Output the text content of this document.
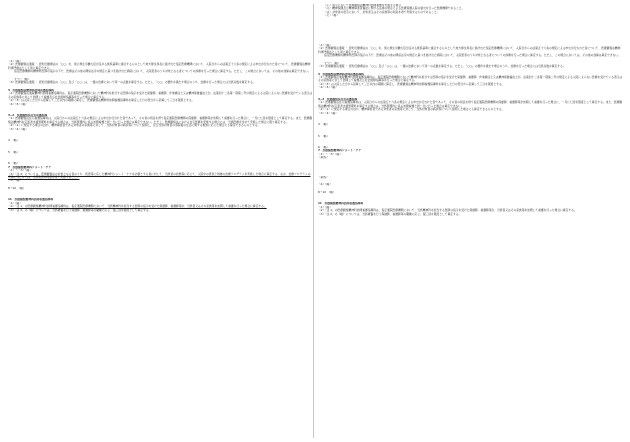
（1）（略）
（2）医療観察法通報 ・ 認知行動療法の「○○」を、別に厚生労働大臣が定める施設基準に適合するものとして地方厚生局長に届け出た指定医療機関において、入院日からの法第五十六条の規定による申出が行われた者について、医療観察法精神科専門療法として別に算定できる。
指定医療機関の精神科医師の指示の下で、医療法その他の関係法令の規定に基づき届け出た病院において、入院患者のうち対象となる者についての診療を行った場合に算定する。ただし、この場合においては、その他の加算は算定できない。
ずつ〜（略）
（3）医療観察法通報 ・ 認知行動療法の「○○」及び「○○」は、一週の治療において同一の点数を算定する。ただし、「○○」の要件を満たす場合のうち、治療を行った場合には当該点数を算定する。
3　医療観察法精神科訪問看護指導料
（1）医療観察法通報精神科訪問看護指導料は、指定通院医療機関において精神科を担当する医師の指示を受けた保健師、看護師、作業療法士又は精神保健福祉士が、法第四十二条第一項第二号の規定による入院によらない医療を受けている者又はその家族等に対して訪問して看護及び社会復帰指導等を行った場合に算定する。
（2）（3）は入院した日から起算して三日以内の期間に算定し、医療観察法精神科訪問看護指導料を算定した日の翌日から起算して三日を限度とする。
（4）（5）（略）
3−2　医療観察法在宅看護指導
（1）医療観察法在宅看護指導料は、入院日からの法第五十六条の規定による申出が行われた者であって、その者の同意を得て指定通院医療機関の保健師、看護師等が訪問して看護を行った場合に、一月に七回を限度として算定する。また、医療観察法精神科在宅患者支援管理料を算定する場合は、当該管理料に係る訪問看護と同一日に行った場合は算定できない。ただし、医療観察法における在宅医療を実施する場合には、当該医療を含めて実施した場合に限り算定する。
（2）（1）に規定する場合のほか、精神障害者である対象者の家族等に対して、当該対象者の病状等について説明し、及び当該対象者の退院後の生活に関する相談に応じた場合にも算定できるものとする。
（3）（4）（略）
4　（略）
5　（略）
6　（略）
7　医療観察精神科ショート・ケア
（1）〜（3）（略）
（4）「注 4」については、医療観察法の対象となる者のうち、疾患等に応じた精神科ショート・ケアを必要とする者に対して、当該者の状態等に応じて、入院中の患者と同様の治療プログラムを実施した場合に算定する。なお、治療プログラムの実施に当たっては、当該患者の同意を得て実施すること。
（5）（略）
8〜10　（略）
11　医療観察精神科訪問看護指導料
（1）（略）
（2）「注 1」の医療観察精神科訪問看護指導料は、指定通院医療機関において、当該精神科を担当する医師の指示を受けた保健師、看護師等が、当該者又はその家族等を訪問して看護を行った場合に算定する。
（3）「注 2」の（略）については、当該療養を行う保健師、看護師等の職種に応じ、週三回を限度として算定する。
（い）居宅において医療観察法精神科訪問看護を実施する場合
（ろ）精神保健及び精神障害者福祉に関する法律の規定による医療保護入院の届出を行った医療機関であること。
（は）対象者の居宅において、対象者又はその家族等の同意を得て実施するものであること。
（に）（略）
（1）（略）
（2）医療観察法通報 ・ 認知行動療法の「○○」を、別に厚生労働大臣が定める施設基準に適合するものとして地方厚生局長に届け出た指定医療機関において、入院日からの法第五十六条の規定による申出が行われた者について、医療観察法精神科専門療法として別に算定できる。
指定医療機関の精神科医師の指示の下で、医療法その他の関係法令の規定に基づき届け出た病院において、入院患者のうち対象となる者についての診療を行った場合に算定する。ただし、この場合においては、その他の加算は算定できない。
ずつ〜（略）
（3）医療観察法通報 ・ 認知行動療法の「○○」及び「○○」は、一週の治療において同一の点数を算定する。ただし、「○○」の要件を満たす場合のうち、治療を行った場合には当該点数を算定する。
3　医療観察法精神科訪問看護指導料
（1）医療観察法通報精神科訪問看護指導料は、指定通院医療機関において精神科を担当する医師の指示を受けた保健師、看護師、作業療法士又は精神保健福祉士が、法第四十二条第一項第二号の規定による入院によらない医療を受けている者又はその家族等に対して訪問して看護及び社会復帰指導等を行った場合に算定する。
（2）（3）は入院した日から起算して三日以内の期間に算定し、医療観察法精神科訪問看護指導料を算定した日の翌日から起算して三日を限度とする。
（4）（5）（略）
3−2　医療観察法在宅看護指導
（1）医療観察法在宅看護指導料は、入院日からの法第五十六条の規定による申出が行われた者であって、その者の同意を得て指定通院医療機関の保健師、看護師等が訪問して看護を行った場合に、一月に七回を限度として算定する。また、医療観察法精神科在宅患者支援管理料を算定する場合は、当該管理料に係る訪問看護と同一日に行った場合は算定できない。
（2）（1）に規定する場合のほか、精神障害者である対象者の家族等に対して、当該対象者の病状等について説明した場合にも算定できるものとする。
（3）（4）（略）
4　（略）
5　（略）
6　（略）
7　医療観察精神科ショート・ケア
（1）〜（3）（略）
（新設）
（新設）
（4）（略）
8〜10　（略）
11　医療観察精神科訪問看護指導料
（1）（略）
（2）「注 1」の医療観察精神科訪問看護指導料は、指定通院医療機関において、当該精神科を担当する医師の指示を受けた保健師、看護師等が、当該者又はその家族等を訪問して看護を行った場合に算定する。
（3）「注 2」の（略）については、当該療養を行う保健師、看護師等の職種に応じ、週三回を限度として算定する。
